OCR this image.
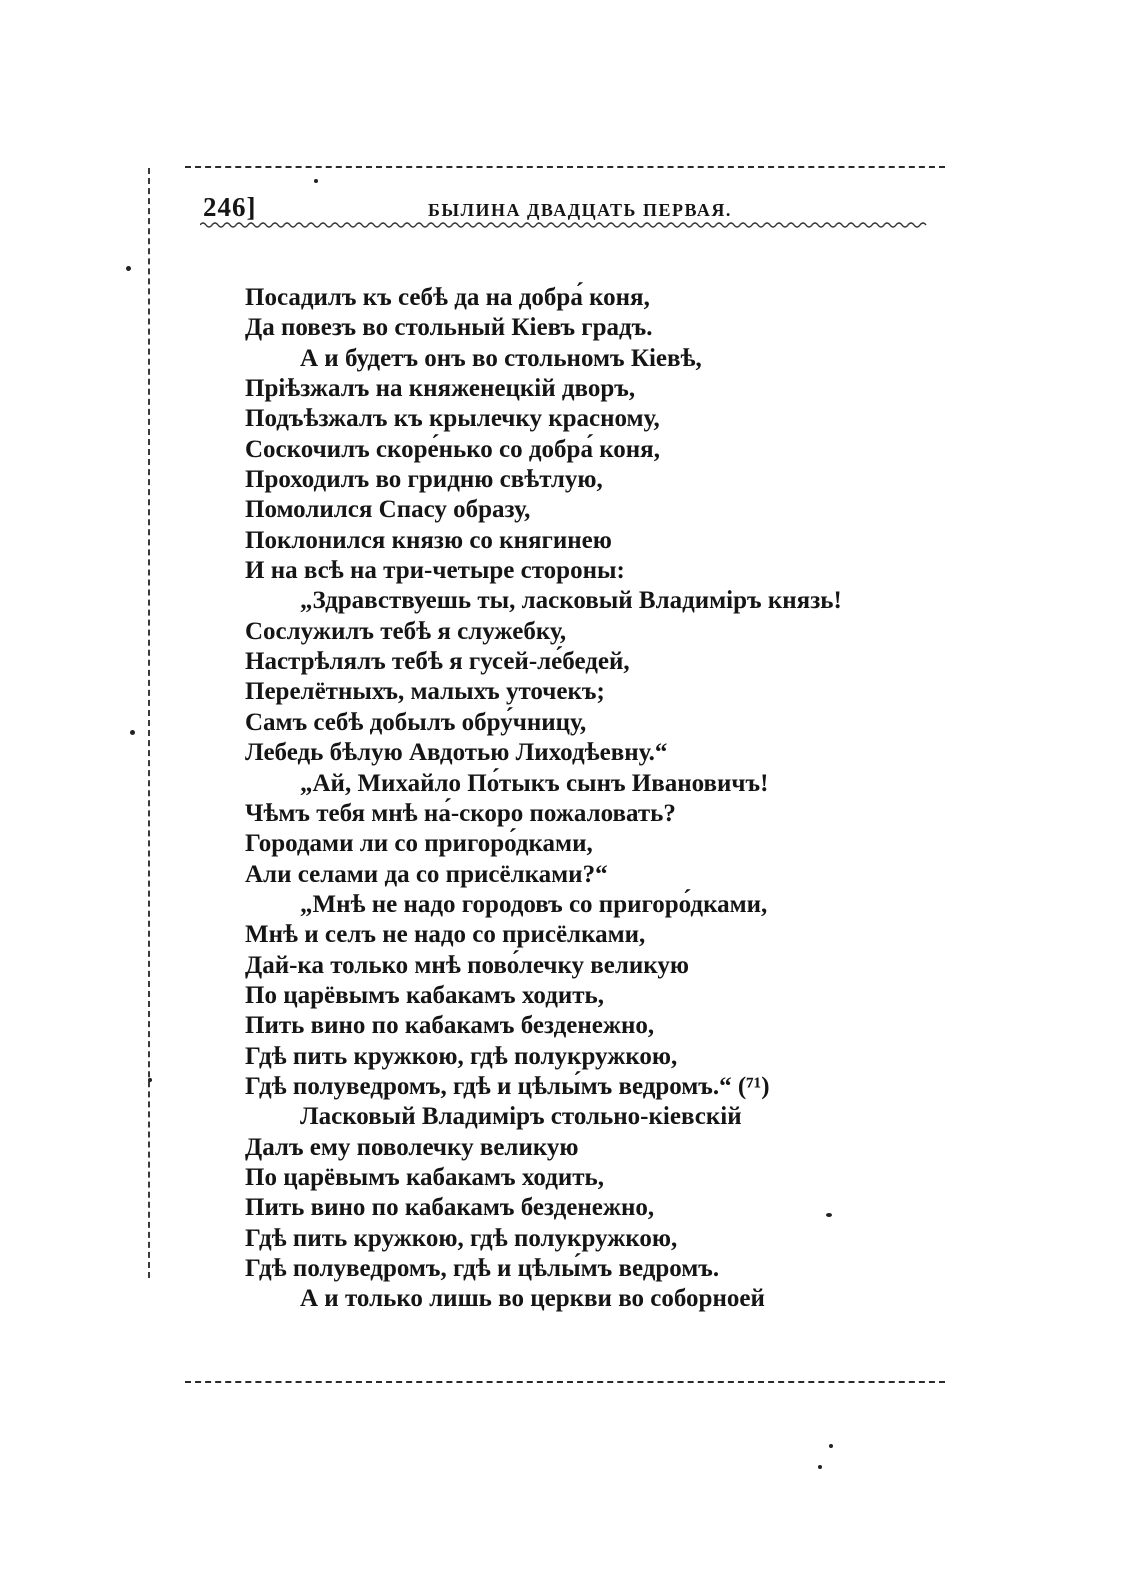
246]	БЫЛИНА ДВАДЦАТЬ ПЕРВАЯ.
Посадилъ къ себѣ да на добра́ коня,
Да повезъ во стольный Кіевъ градъ.
А и будетъ онъ во стольномъ Кіевѣ,
Пріѣзжалъ на княженецкій дворъ,
Подъѣзжалъ къ крылечку красному,
Соскочилъ скоре́нько со добра́ коня,
Проходилъ во гридню свѣтлую,
Помолился Спасу образу,
Поклонился князю со княгинею
И на всѣ на три-четыре стороны:
„Здравствуешь ты, ласковый Владиміръ князь!
Сослужилъ тебѣ я служебку,
Настрѣлялъ тебѣ я гусей-ле́бедей,
Перелётныхъ, малыхъ уточекъ;
Самъ себѣ добылъ обру́чницу,
Лебедь бѣлую Авдотью Лиходѣевну.“
„Ай, Михайло По́тыкъ сынъ Ивановичъ!
Чѣмъ тебя мнѣ на́-скоро пожаловать?
Городами ли со пригоро́дками,
Али селами да со присёлками?“
„Мнѣ не надо городовъ со пригоро́дками,
Мнѣ и селъ не надо со присёлками,
Дай-ка только мнѣ пово́лечку великую
По царёвымъ кабакамъ ходить,
Пить вино по кабакамъ безденежно,
Гдѣ пить кружкою, гдѣ полукружкою,
Гдѣ полуведромъ, гдѣ и цѣлы́мъ ведромъ.“ (⁷¹)
Ласковый Владиміръ стольно-кіевскій
Далъ ему поволечку великую
По царёвымъ кабакамъ ходить,
Пить вино по кабакамъ безденежно,
Гдѣ пить кружкою, гдѣ полукружкою,
Гдѣ полуведромъ, гдѣ и цѣлы́мъ ведромъ.
А и только лишь во церкви во соборноей
